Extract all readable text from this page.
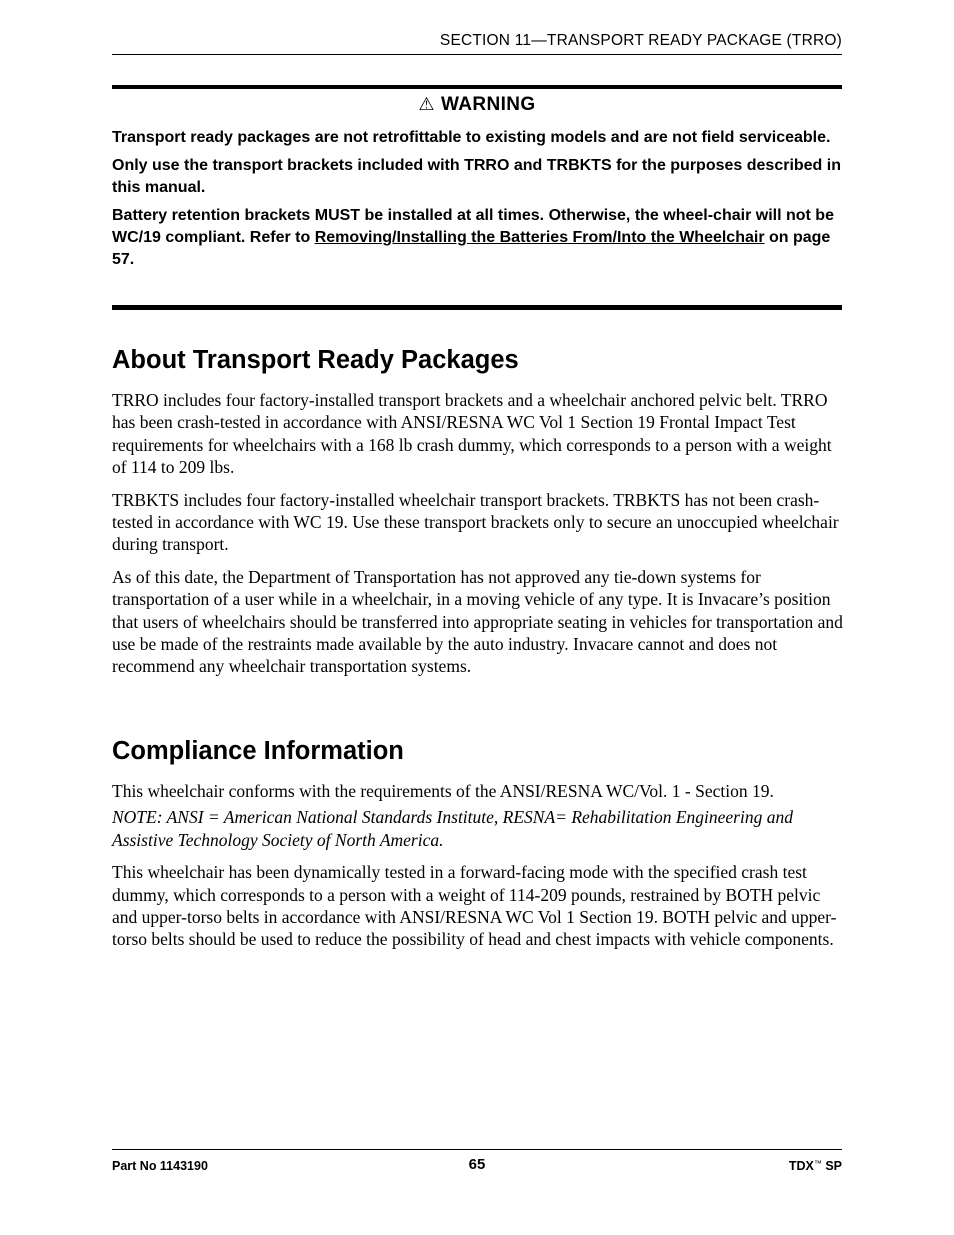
SECTION 11—TRANSPORT READY PACKAGE (TRRO)
⚠ WARNING

Transport ready packages are not retrofittable to existing models and are not field serviceable.

Only use the transport brackets included with TRRO and TRBKTS for the purposes described in this manual.

Battery retention brackets MUST be installed at all times. Otherwise, the wheel-chair will not be WC/19 compliant. Refer to Removing/Installing the Batteries From/Into the Wheelchair on page 57.

About Transport Ready Packages

TRRO includes four factory-installed transport brackets and a wheelchair anchored pelvic belt. TRRO has been crash-tested in accordance with ANSI/RESNA WC Vol 1 Section 19 Frontal Impact Test requirements for wheelchairs with a 168 lb crash dummy, which corresponds to a person with a weight of 114 to 209 lbs.

TRBKTS includes four factory-installed wheelchair transport brackets. TRBKTS has not been crash-tested in accordance with WC 19. Use these transport brackets only to secure an unoccupied wheelchair during transport.

As of this date, the Department of Transportation has not approved any tie-down systems for transportation of a user while in a wheelchair, in a moving vehicle of any type. It is Invacare’s position that users of wheelchairs should be transferred into appropriate seating in vehicles for transportation and use be made of the restraints made available by the auto industry. Invacare cannot and does not recommend any wheelchair transportation systems.

Compliance Information

This wheelchair conforms with the requirements of the ANSI/RESNA WC/Vol. 1 - Section 19.

NOTE: ANSI = American National Standards Institute, RESNA= Rehabilitation Engineering and Assistive Technology Society of North America.

This wheelchair has been dynamically tested in a forward-facing mode with the specified crash test dummy, which corresponds to a person with a weight of 114-209 pounds, restrained by BOTH pelvic and upper-torso belts in accordance with ANSI/RESNA WC Vol 1 Section 19. BOTH pelvic and upper-torso belts should be used to reduce the possibility of head and chest impacts with vehicle components.

Part No 1143190	65	TDX™ SP
